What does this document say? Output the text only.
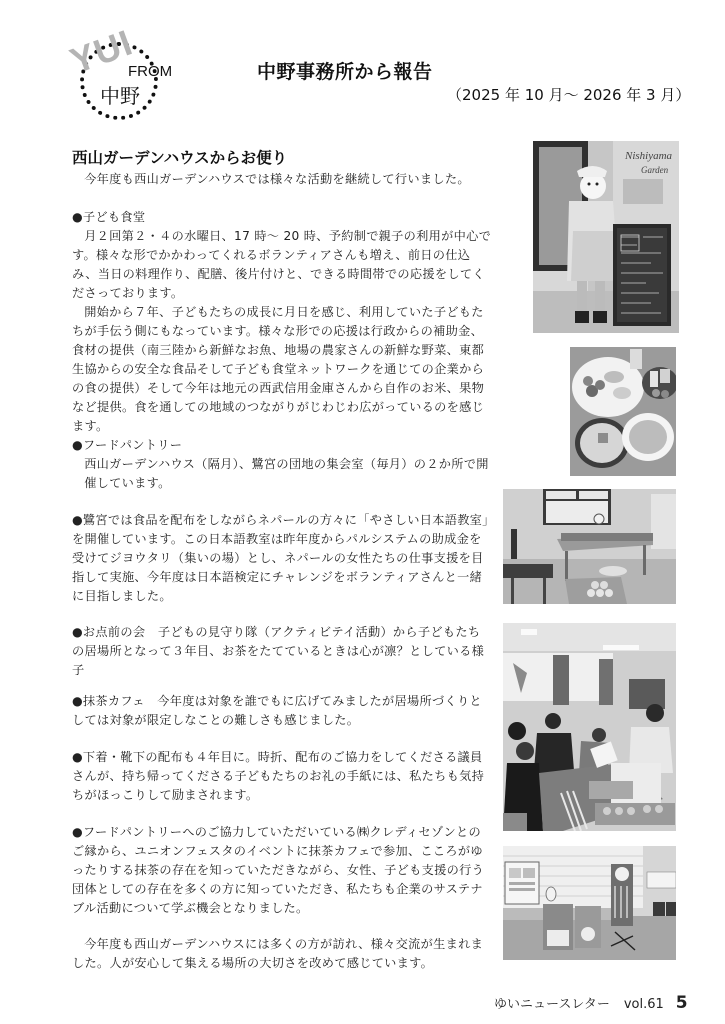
YUI
FROM
中野
中野事務所から報告
（2025 年 10 月～ 2026 年 3 月）
西山ガーデンハウスからお便り

今年度も西山ガーデンハウスでは様々な活動を継続して行いました。

●子ども食堂

月２回第２・４の水曜日、17 時～ 20 時、予約制で親子の利用が中心です。様々な形でかかわってくれるボランティアさんも増え、前日の仕込み、当日の料理作り、配膳、後片付けと、できる時間帯での応援をしてくださっております。

開始から７年、子どもたちの成長に月日を感じ、利用していた子どもたちが手伝う側にもなっています。様々な形での応援は行政からの補助金、食材の提供（南三陸から新鮮なお魚、地場の農家さんの新鮮な野菜、東都生協からの安全な食品そして子ども食堂ネットワークを通じての企業からの食の提供）そして今年は地元の西武信用金庫さんから自作のお米、果物など提供。食を通しての地域のつながりがじわじわ広がっているのを感じます。

●フードパントリー

西山ガーデンハウス（隔月）、鷺宮の団地の集会室（毎月）の２か所で開催しています。

●鷺宮では食品を配布をしながらネパールの方々に「やさしい日本語教室」を開催しています。この日本語教室は昨年度からパルシステムの助成金を受けてジヨウタリ（集いの場）とし、ネパールの女性たちの仕事支援を目指して実施、今年度は日本語検定にチャレンジをボランティアさんと一緒に目指しました。

●お点前の会　子どもの見守り隊（アクティビテイ活動）から子どもたちの居場所となって３年目、お茶をたてているときは心が凛？としている様子

●抹茶カフェ　今年度は対象を誰でもに広げてみましたが居場所づくりとしては対象が限定しなことの難しさも感じました。

●下着・靴下の配布も４年目に。時折、配布のご協力をしてくださる議員さんが、持ち帰ってくださる子どもたちのお礼の手紙には、私たちも気持ちがほっこりして励まされます。

●フードパントリーへのご協力していただいている㈱クレディセゾンとのご縁から、ユニオンフェスタのイベントに抹茶カフェで参加、こころがゆったりする抹茶の存在を知っていただきながら、女性、子ども支援の行う団体としての存在を多くの方に知っていただき、私たちも企業のサステナブル活動について学ぶ機会となりました。

今年度も西山ガーデンハウスには多くの方が訪れ、様々交流が生まれました。人が安心して集える場所の大切さを改めて感じています。

Nishiyama
Garden
ゆいニュースレター vol.61 5
